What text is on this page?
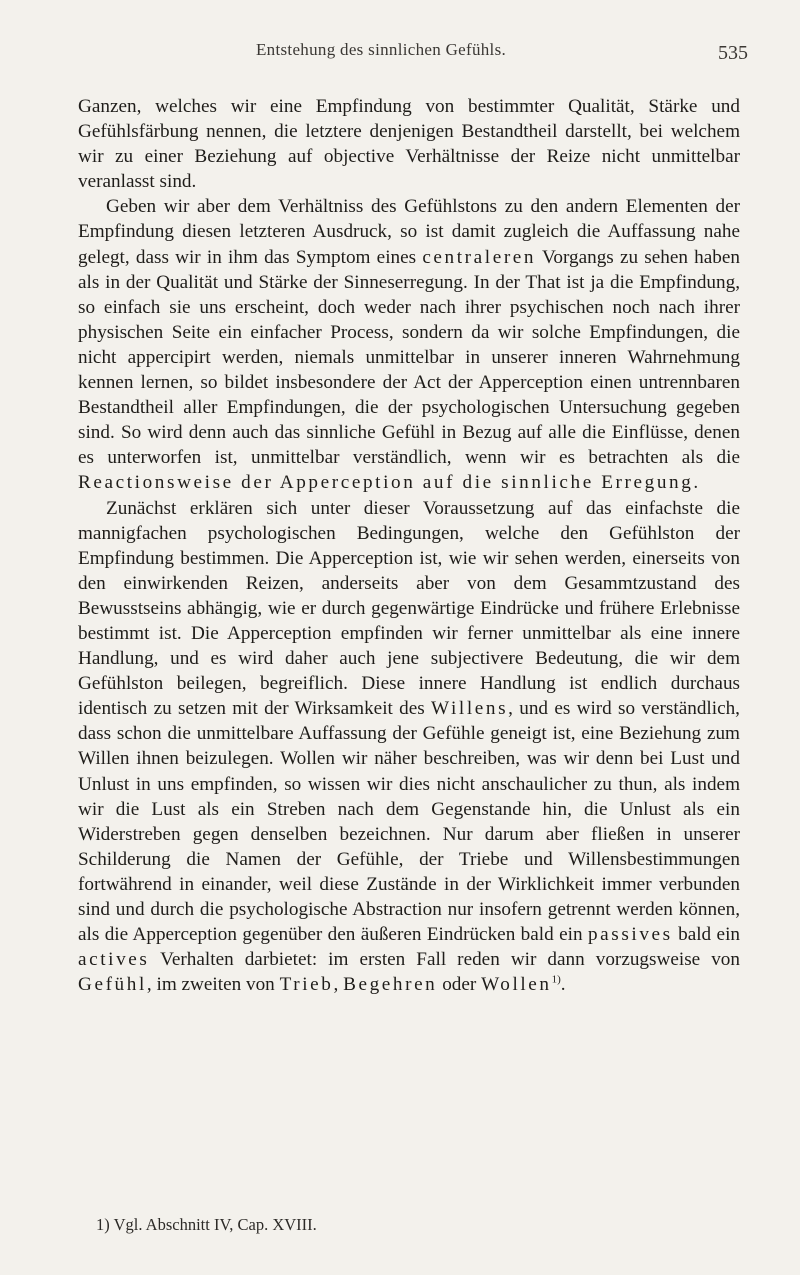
Entstehung des sinnlichen Gefühls.	535

Ganzen, welches wir eine Empfindung von bestimmter Qualität, Stärke und Gefühlsfärbung nennen, die letztere denjenigen Bestandtheil darstellt, bei welchem wir zu einer Beziehung auf objective Verhältnisse der Reize nicht unmittelbar veranlasst sind.

Geben wir aber dem Verhältniss des Gefühlstons zu den andern Elementen der Empfindung diesen letzteren Ausdruck, so ist damit zugleich die Auffassung nahe gelegt, dass wir in ihm das Symptom eines centraleren Vorgangs zu sehen haben als in der Qualität und Stärke der Sinneserregung. In der That ist ja die Empfindung, so einfach sie uns erscheint, doch weder nach ihrer psychischen noch nach ihrer physischen Seite ein einfacher Process, sondern da wir solche Empfindungen, die nicht appercipirt werden, niemals unmittelbar in unserer inneren Wahrnehmung kennen lernen, so bildet insbesondere der Act der Apperception einen untrennbaren Bestandtheil aller Empfindungen, die der psychologischen Untersuchung gegeben sind. So wird denn auch das sinnliche Gefühl in Bezug auf alle die Einflüsse, denen es unterworfen ist, unmittelbar verständlich, wenn wir es betrachten als die Reactionsweise der Apperception auf die sinnliche Erregung.

Zunächst erklären sich unter dieser Voraussetzung auf das einfachste die mannigfachen psychologischen Bedingungen, welche den Gefühlston der Empfindung bestimmen. Die Apperception ist, wie wir sehen werden, einerseits von den einwirkenden Reizen, anderseits aber von dem Gesammtzustand des Bewusstseins abhängig, wie er durch gegenwärtige Eindrücke und frühere Erlebnisse bestimmt ist. Die Apperception empfinden wir ferner unmittelbar als eine innere Handlung, und es wird daher auch jene subjectivere Bedeutung, die wir dem Gefühlston beilegen, begreiflich. Diese innere Handlung ist endlich durchaus identisch zu setzen mit der Wirksamkeit des Willens, und es wird so verständlich, dass schon die unmittelbare Auffassung der Gefühle geneigt ist, eine Beziehung zum Willen ihnen beizulegen. Wollen wir näher beschreiben, was wir denn bei Lust und Unlust in uns empfinden, so wissen wir dies nicht anschaulicher zu thun, als indem wir die Lust als ein Streben nach dem Gegenstande hin, die Unlust als ein Widerstreben gegen denselben bezeichnen. Nur darum aber fließen in unserer Schilderung die Namen der Gefühle, der Triebe und Willensbestimmungen fortwährend in einander, weil diese Zustände in der Wirklichkeit immer verbunden sind und durch die psychologische Abstraction nur insofern getrennt werden können, als die Apperception gegenüber den äußeren Eindrücken bald ein passives bald ein actives Verhalten darbietet: im ersten Fall reden wir dann vorzugsweise von Gefühl, im zweiten von Trieb, Begehren oder Wollen$^{1)}$.

1) Vgl. Abschnitt IV, Cap. XVIII.
